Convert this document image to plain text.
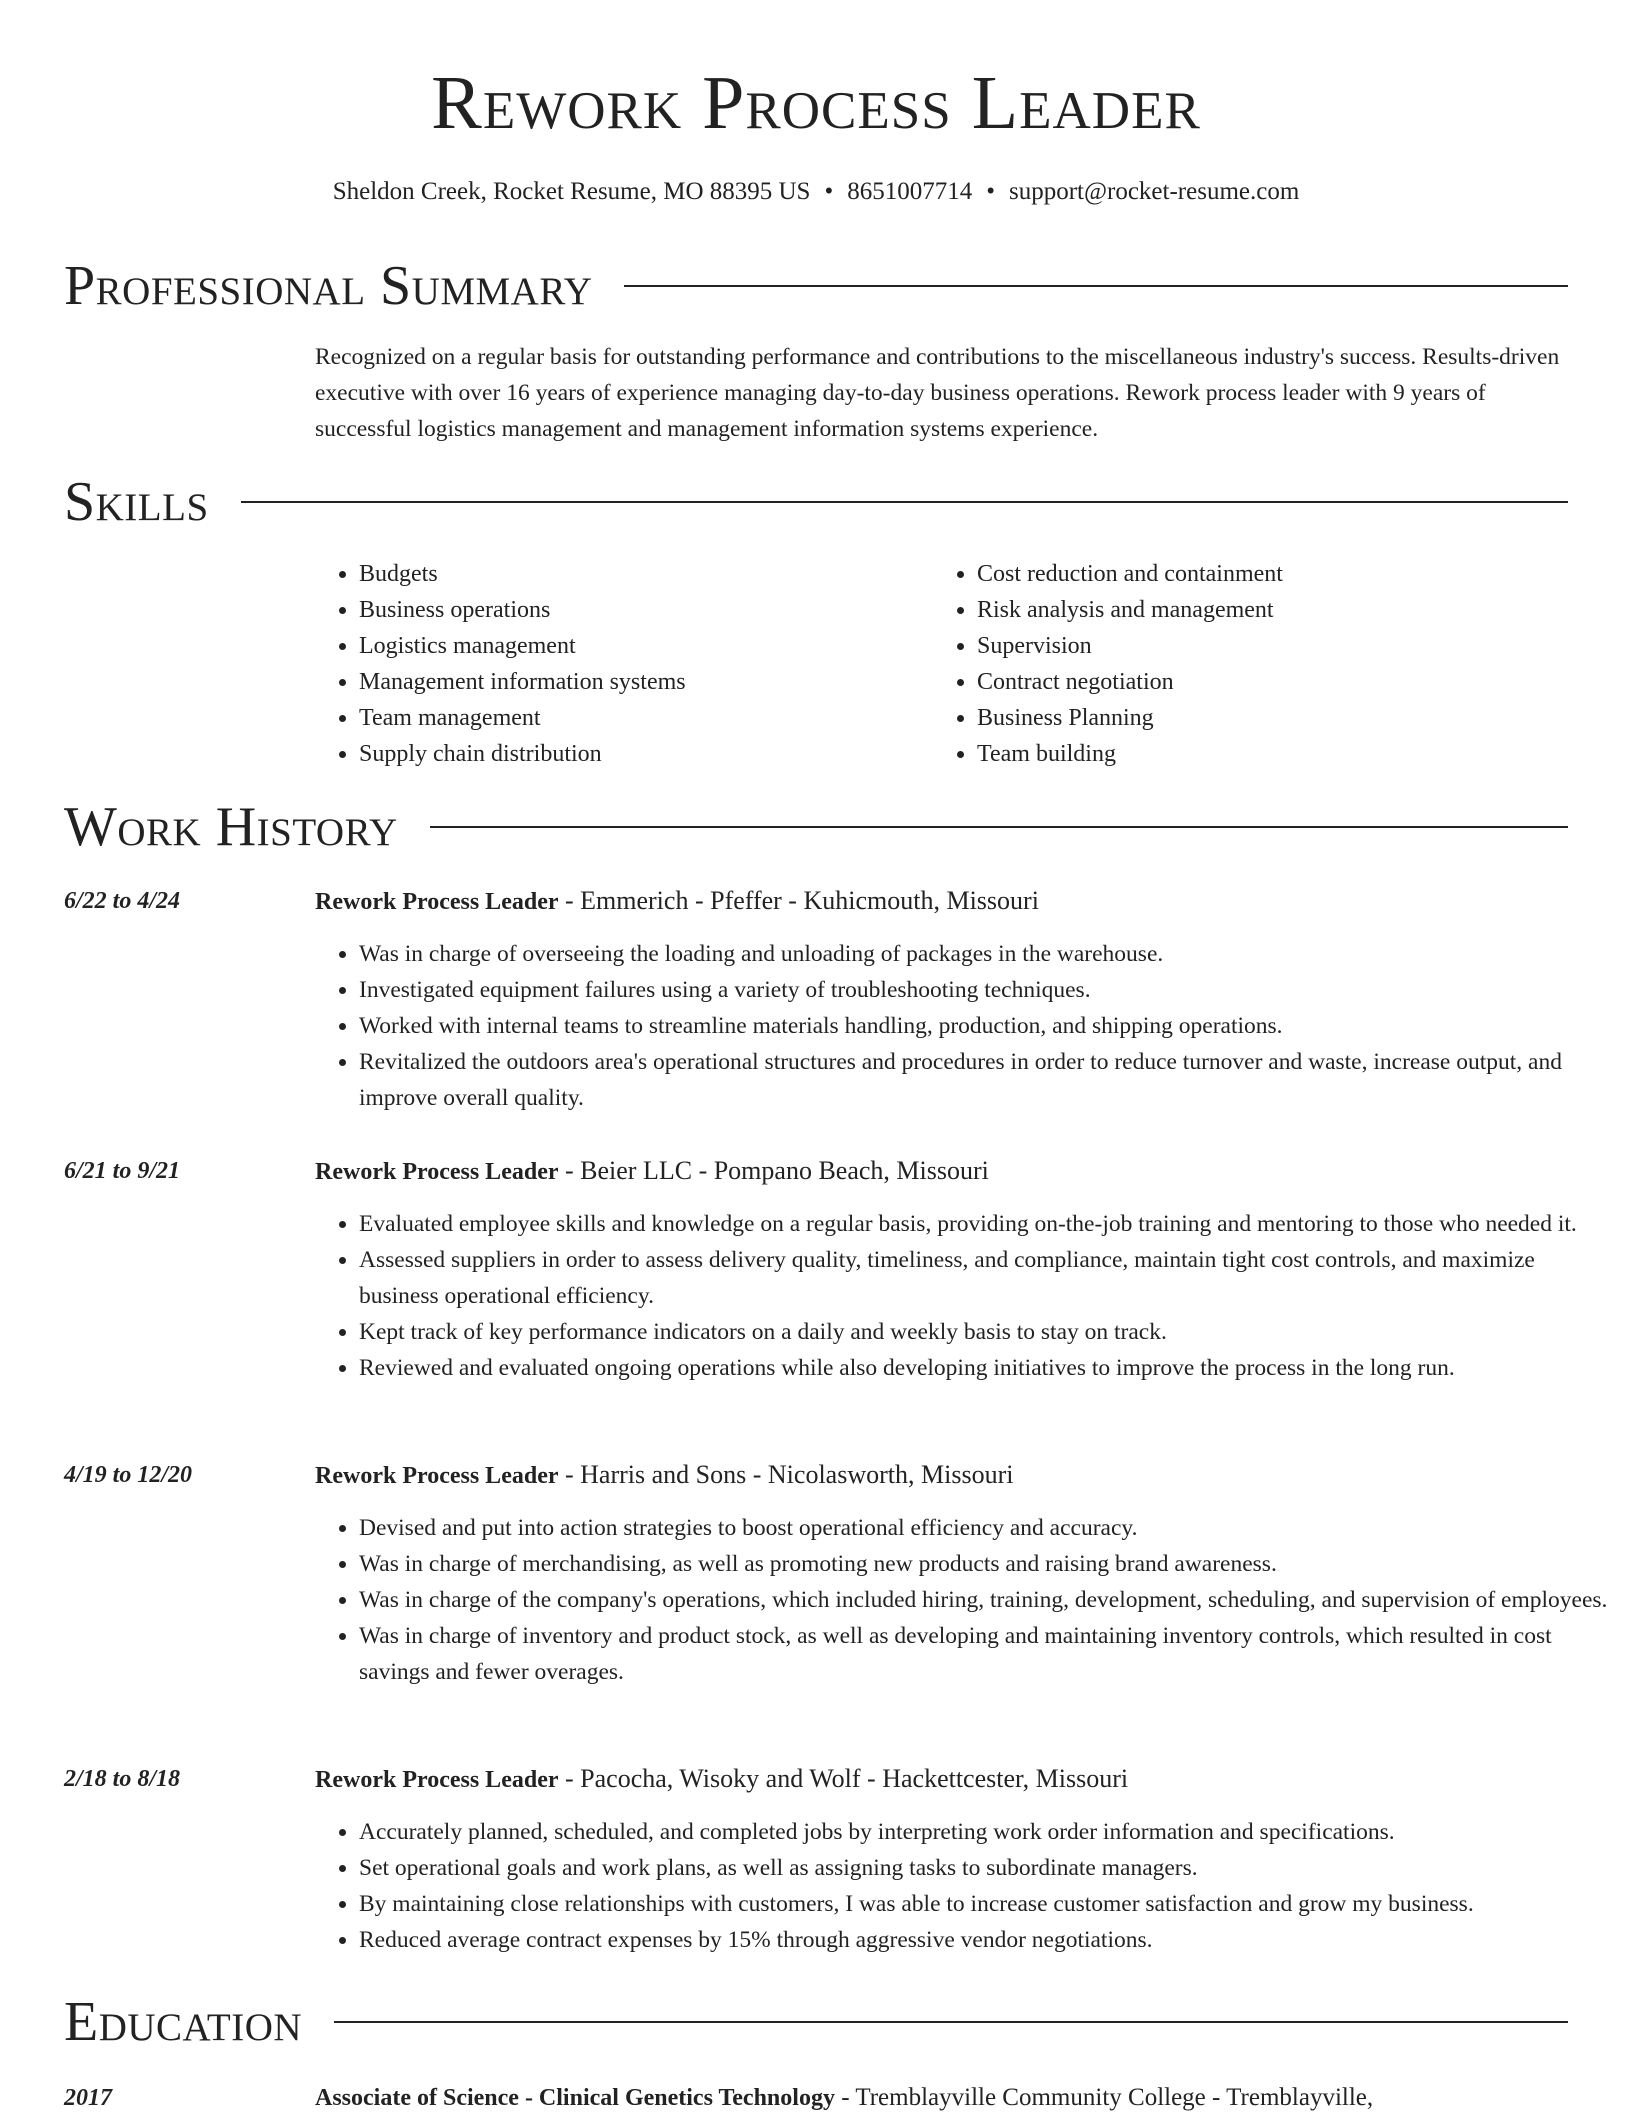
Rework Process Leader
Sheldon Creek, Rocket Resume, MO 88395 US • 8651007714 • support@rocket-resume.com
Professional Summary

Recognized on a regular basis for outstanding performance and contributions to the miscellaneous industry's success. Results-driven executive with over 16 years of experience managing day-to-day business operations. Rework process leader with 9 years of successful logistics management and management information systems experience.

Skills
• Budgets
• Business operations
• Logistics management
• Management information systems
• Team management
• Supply chain distribution
• Cost reduction and containment
• Risk analysis and management
• Supervision
• Contract negotiation
• Business Planning
• Team building
Work History
6/22 to 4/24	Rework Process Leader - Emmerich - Pfeffer - Kuhicmouth, Missouri
• Was in charge of overseeing the loading and unloading of packages in the warehouse.
• Investigated equipment failures using a variety of troubleshooting techniques.
• Worked with internal teams to streamline materials handling, production, and shipping operations.
• Revitalized the outdoors area's operational structures and procedures in order to reduce turnover and waste, increase output, and improve overall quality.
6/21 to 9/21	Rework Process Leader - Beier LLC - Pompano Beach, Missouri
• Evaluated employee skills and knowledge on a regular basis, providing on-the-job training and mentoring to those who needed it.
• Assessed suppliers in order to assess delivery quality, timeliness, and compliance, maintain tight cost controls, and maximize business operational efficiency.
• Kept track of key performance indicators on a daily and weekly basis to stay on track.
• Reviewed and evaluated ongoing operations while also developing initiatives to improve the process in the long run.
4/19 to 12/20	Rework Process Leader - Harris and Sons - Nicolasworth, Missouri
• Devised and put into action strategies to boost operational efficiency and accuracy.
• Was in charge of merchandising, as well as promoting new products and raising brand awareness.
• Was in charge of the company's operations, which included hiring, training, development, scheduling, and supervision of employees.
• Was in charge of inventory and product stock, as well as developing and maintaining inventory controls, which resulted in cost savings and fewer overages.
2/18 to 8/18	Rework Process Leader - Pacocha, Wisoky and Wolf - Hackettcester, Missouri
• Accurately planned, scheduled, and completed jobs by interpreting work order information and specifications.
• Set operational goals and work plans, as well as assigning tasks to subordinate managers.
• By maintaining close relationships with customers, I was able to increase customer satisfaction and grow my business.
• Reduced average contract expenses by 15% through aggressive vendor negotiations.
Education
2017	Associate of Science - Clinical Genetics Technology - Tremblayville Community College - Tremblayville,
